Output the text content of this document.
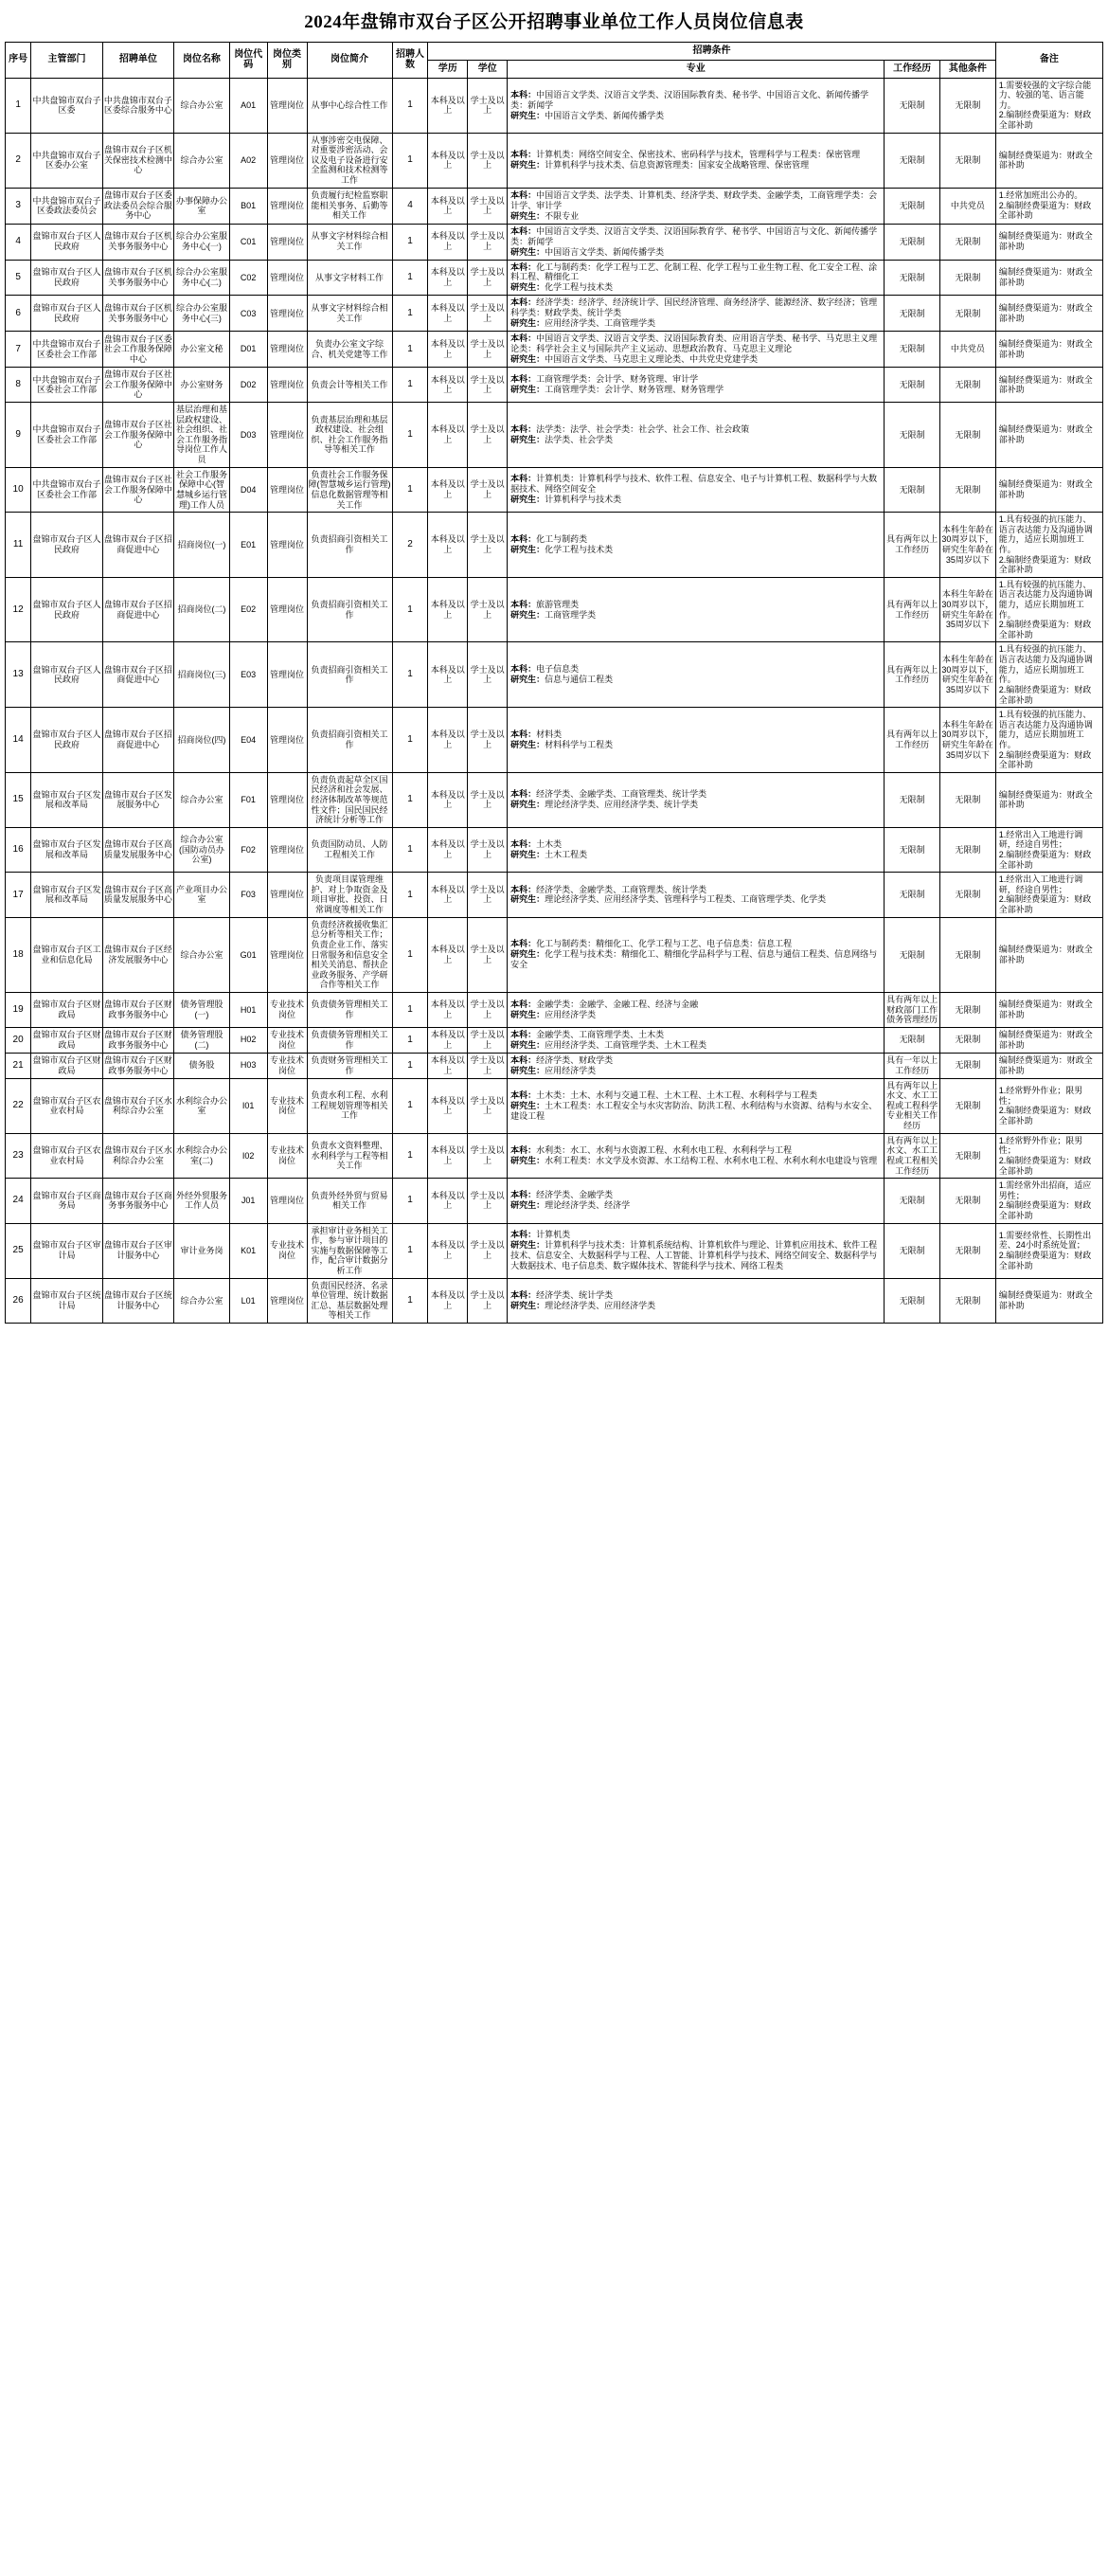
2024年盘锦市双台子区公开招聘事业单位工作人员岗位信息表
序号	主管部门	招聘单位	岗位名称	岗位代码	岗位类别	岗位简介	招聘人数	招聘条件					备注
								学历	学位	专业	工作经历	其他条件	

1	中共盘锦市双台子区委	中共盘锦市双台子区委综合服务中心	综合办公室	A01	管理岗位	从事中心综合性工作	1	本科及以上	学士及以上	本科：中国语言文学类、汉语言文学类、汉语国际教育类、秘书学、中国语言文化、新闻传播学类：新闻学
研究生：中国语言文学类、新闻传播学类	无限制	无限制	1.需要较强的文字综合能力、较强的笔、语言能力。
2.编制经费渠道为：财政全部补助

2	中共盘锦市双台子区委办公室	盘锦市双台子区机关保密技术检测中心	综合办公室	A02	管理岗位	从事涉密交电保障、对重要涉密活动、会议及电子设备进行安全监测和技术检测等工作	1	本科及以上	学士及以上	本科：计算机类：网络空间安全、保密技术、密码科学与技术，管理科学与工程类：保密管理
研究生：计算机科学与技术类、信息资源管理类：国家安全战略管理、保密管理	无限制	无限制	编制经费渠道为：财政全部补助

3	中共盘锦市双台子区委政法委员会	盘锦市双台子区委政法委员会综合服务中心	办事保障办公室	B01	管理岗位	负责履行纪检监察职能相关事务、后勤等相关工作	4	本科及以上	学士及以上	本科：中国语言文学类、法学类、计算机类、经济学类、财政学类、金融学类，工商管理学类：会计学、审计学
研究生：不限专业	无限制	中共党员	1.经常加班出公办的。
2.编制经费渠道为：财政全部补助

4	盘锦市双台子区人民政府	盘锦市双台子区机关事务服务中心	综合办公室服务中心(一)	C01	管理岗位	从事文字材料综合相关工作	1	本科及以上	学士及以上	本科：中国语言文学类、汉语言文学类、汉语国际教育学、秘书学、中国语言与文化、新闻传播学类：新闻学
研究生：中国语言文学类、新闻传播学类	无限制	无限制	编制经费渠道为：财政全部补助

5	盘锦市双台子区人民政府	盘锦市双台子区机关事务服务中心	综合办公室服务中心(二)	C02	管理岗位	从事文字材料工作	1	本科及以上	学士及以上	本科：化工与制药类：化学工程与工艺、化制工程、化学工程与工业生物工程、化工安全工程、涂料工程、精细化工
研究生：化学工程与技术类	无限制	无限制	编制经费渠道为：财政全部补助

6	盘锦市双台子区人民政府	盘锦市双台子区机关事务服务中心	综合办公室服务中心(三)	C03	管理岗位	从事文字材料综合相关工作	1	本科及以上	学士及以上	本科：经济学类：经济学、经济统计学、国民经济管理、商务经济学、能源经济、数字经济；管理科学类：财政学类、统计学类
研究生：应用经济学类、工商管理学类	无限制	无限制	编制经费渠道为：财政全部补助

7	中共盘锦市双台子区委社会工作部	盘锦市双台子区委社会工作服务保障中心	办公室文秘	D01	管理岗位	负责办公室文字综合、机关党建等工作	1	本科及以上	学士及以上	本科：中国语言文学类、汉语言文学类、汉语国际教育类、应用语言学类、秘书学、马克思主义理论类：科学社会主义与国际共产主义运动、思想政治教育、马克思主义理论
研究生：中国语言文学类、马克思主义理论类、中共党史党建学类	无限制	中共党员	编制经费渠道为：财政全部补助

8	中共盘锦市双台子区委社会工作部	盘锦市双台子区社会工作服务保障中心	办公室财务	D02	管理岗位	负责会计等相关工作	1	本科及以上	学士及以上	本科：工商管理学类：会计学、财务管理、审计学
研究生：工商管理学类：会计学、财务管理、财务管理学	无限制	无限制	编制经费渠道为：财政全部补助

9	中共盘锦市双台子区委社会工作部	盘锦市双台子区社会工作服务保障中心	基层治理和基层政权建设、社会组织、社会工作服务指导岗位工作人员	D03	管理岗位	负责基层治理和基层政权建设、社会组织、社会工作服务指导等相关工作	1	本科及以上	学士及以上	本科：法学类：法学、社会学类：社会学、社会工作、社会政策
研究生：法学类、社会学类	无限制	无限制	编制经费渠道为：财政全部补助

10	中共盘锦市双台子区委社会工作部	盘锦市双台子区社会工作服务保障中心	社会工作服务保障中心(智慧城乡运行管理)工作人员	D04	管理岗位	负责社会工作服务保障(智慧城乡运行管理)信息化数据管理等相关工作	1	本科及以上	学士及以上	本科：计算机类：计算机科学与技术、软件工程、信息安全、电子与计算机工程、数据科学与大数据技术、网络空间安全
研究生：计算机科学与技术类	无限制	无限制	编制经费渠道为：财政全部补助

11	盘锦市双台子区人民政府	盘锦市双台子区招商促进中心	招商岗位(一)	E01	管理岗位	负责招商引资相关工作	2	本科及以上	学士及以上	本科：化工与制药类
研究生：化学工程与技术类	具有两年以上工作经历	本科生年龄在30周岁以下，研究生年龄在35周岁以下	1.具有较强的抗压能力、语言表达能力及沟通协调能力，适应长期加班工作。
2.编制经费渠道为：财政全部补助

12	盘锦市双台子区人民政府	盘锦市双台子区招商促进中心	招商岗位(二)	E02	管理岗位	负责招商引资相关工作	1	本科及以上	学士及以上	本科：旅游管理类
研究生：工商管理学类	具有两年以上工作经历	本科生年龄在30周岁以下，研究生年龄在35周岁以下	1.具有较强的抗压能力、语言表达能力及沟通协调能力，适应长期加班工作。
2.编制经费渠道为：财政全部补助

13	盘锦市双台子区人民政府	盘锦市双台子区招商促进中心	招商岗位(三)	E03	管理岗位	负责招商引资相关工作	1	本科及以上	学士及以上	本科：电子信息类
研究生：信息与通信工程类	具有两年以上工作经历	本科生年龄在30周岁以下，研究生年龄在35周岁以下	1.具有较强的抗压能力、语言表达能力及沟通协调能力，适应长期加班工作。
2.编制经费渠道为：财政全部补助

14	盘锦市双台子区人民政府	盘锦市双台子区招商促进中心	招商岗位(四)	E04	管理岗位	负责招商引资相关工作	1	本科及以上	学士及以上	本科：材料类
研究生：材料科学与工程类	具有两年以上工作经历	本科生年龄在30周岁以下，研究生年龄在35周岁以下	1.具有较强的抗压能力、语言表达能力及沟通协调能力，适应长期加班工作。
2.编制经费渠道为：财政全部补助

15	盘锦市双台子区发展和改革局	盘锦市双台子区发展服务中心	综合办公室	F01	管理岗位	负责负责起草全区国民经济和社会发展、经济体制改革等规范性文件；国民国民经济统计分析等工作	1	本科及以上	学士及以上	本科：经济学类、金融学类、工商管理类、统计学类
研究生：理论经济学类、应用经济学类、统计学类	无限制	无限制	编制经费渠道为：财政全部补助

16	盘锦市双台子区发展和改革局	盘锦市双台子区高质量发展服务中心	综合办公室(国防动员办公室)	F02	管理岗位	负责国防动员、人防工程相关工作	1	本科及以上	学士及以上	本科：土木类
研究生：土木工程类	无限制	无限制	1.经常出入工地进行调研，经途自男性；
2.编制经费渠道为：财政全部补助

17	盘锦市双台子区发展和改革局	盘锦市双台子区高质量发展服务中心	产业项目办公室	F03	管理岗位	负责项目谋管理维护、对上争取资金及项目审批、投资、日常调度等相关工作	1	本科及以上	学士及以上	本科：经济学类、金融学类、工商管理类、统计学类
研究生：理论经济学类、应用经济学类、管理科学与工程类、工商管理学类、化学类	无限制	无限制	1.经常出入工地进行调研，经途自男性；
2.编制经费渠道为：财政全部补助

18	盘锦市双台子区工业和信息化局	盘锦市双台子区经济发展服务中心	综合办公室	G01	管理岗位	负责经济救援收集汇总分析等相关工作；负责企业工作、落实日常服务和信息安全相关关消息、帮扶企业政务服务、产学研合作等相关工作	1	本科及以上	学士及以上	本科：化工与制药类：精细化工、化学工程与工艺、电子信息类：信息工程
研究生：化学工程与技术类：精细化工、精细化学品科学与工程、信息与通信工程类、信息网络与安全	无限制	无限制	编制经费渠道为：财政全部补助

19	盘锦市双台子区财政局	盘锦市双台子区财政事务服务中心	债务管理股(一)	H01	专业技术岗位	负责债务管理相关工作	1	本科及以上	学士及以上	本科：金融学类：金融学、金融工程、经济与金融
研究生：应用经济学类	具有两年以上财政部门工作债务管理经历	无限制	编制经费渠道为：财政全部补助

20	盘锦市双台子区财政局	盘锦市双台子区财政事务服务中心	债务管理股(二)	H02	专业技术岗位	负责债务管理相关工作	1	本科及以上	学士及以上	本科：金融学类、工商管理学类、土木类
研究生：应用经济学类、工商管理学类、土木工程类	无限制	无限制	编制经费渠道为：财政全部补助

21	盘锦市双台子区财政局	盘锦市双台子区财政事务服务中心	债务股	H03	专业技术岗位	负责财务管理相关工作	1	本科及以上	学士及以上	本科：经济学类、财政学类
研究生：应用经济学类	具有一年以上工作经历	无限制	编制经费渠道为：财政全部补助

22	盘锦市双台子区农业农村局	盘锦市双台子区水利综合办公室	水利综合办公室	I01	专业技术岗位	负责水利工程、水利工程规划管理等相关工作	1	本科及以上	学士及以上	本科：土木类：土木、水利与交通工程、土木工程、土木工程、水利科学与工程类
研究生：土木工程类：水工程安全与水灾害防治、防洪工程、水利结构与水资源、结构与水安全、建设工程	具有两年以上水文、水工工程或工程科学专业相关工作经历	无限制	1.经常野外作业；限男性；
2.编制经费渠道为：财政全部补助

23	盘锦市双台子区农业农村局	盘锦市双台子区水利综合办公室	水利综合办公室(二)	I02	专业技术岗位	负责水文资料整理、水利科学与工程等相关工作	1	本科及以上	学士及以上	本科：水利类：水工、水利与水资源工程、水利水电工程、水利科学与工程
研究生：水利工程类：水文学及水资源、水工结构工程、水利水电工程、水利水利水电建设与管理	具有两年以上水文、水工工程或工程相关工作经历	无限制	1.经常野外作业；限男性；
2.编制经费渠道为：财政全部补助

24	盘锦市双台子区商务局	盘锦市双台子区商务事务服务中心	外经外贸服务工作人员	J01	管理岗位	负责外经外贸与贸易相关工作	1	本科及以上	学士及以上	本科：经济学类、金融学类
研究生：理论经济学类、经济学	无限制	无限制	1.需经常外出招商，适应男性；
2.编制经费渠道为：财政全部补助

25	盘锦市双台子区审计局	盘锦市双台子区审计服务中心	审计业务岗	K01	专业技术岗位	承担审计业务相关工作，参与审计项目的实施与数据保障等工作，配合审计数据分析工作	1	本科及以上	学士及以上	本科：计算机类
研究生：计算机科学与技术类：计算机系统结构、计算机软件与理论、计算机应用技术、软件工程技术、信息安全、大数据科学与工程、人工智能、计算机科学与技术、网络空间安全、数据科学与大数据技术、电子信息类、数字媒体技术、智能科学与技术、网络工程类	无限制	无限制	1.需要经常性、长期性出差、24小时系统处置；
2.编制经费渠道为：财政全部补助

26	盘锦市双台子区统计局	盘锦市双台子区统计服务中心	综合办公室	L01	管理岗位	负责国民经济、名录单位管理、统计数据汇总、基层数据处理等相关工作	1	本科及以上	学士及以上	本科：经济学类、统计学类
研究生：理论经济学类、应用经济学类	无限制	无限制	编制经费渠道为：财政全部补助
